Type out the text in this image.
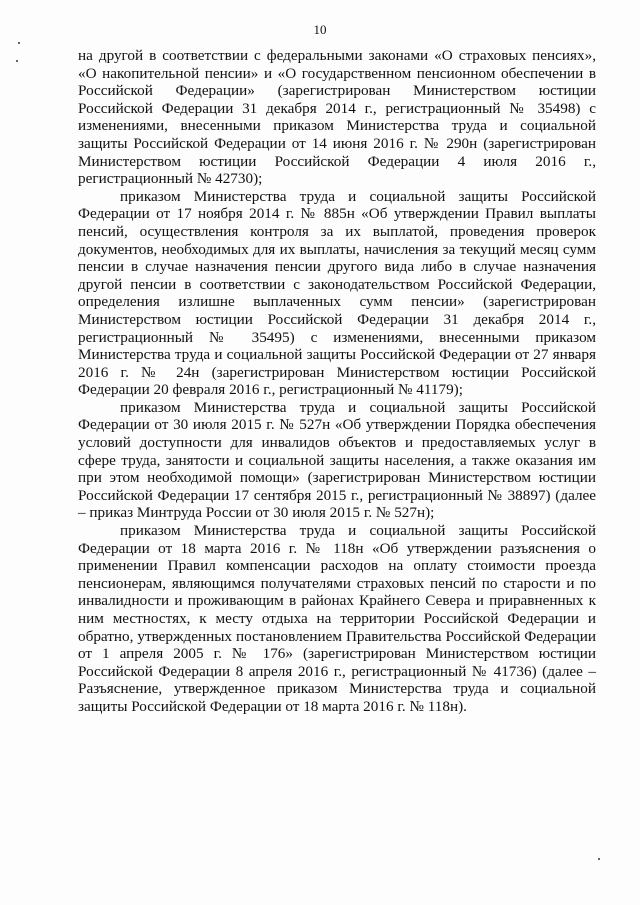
10

на другой в соответствии с федеральными законами «О страховых пенсиях», «О накопительной пенсии» и «О государственном пенсионном обеспечении в Российской Федерации» (зарегистрирован Министерством юстиции Российской Федерации 31 декабря 2014 г., регистрационный № 35498) с изменениями, внесенными приказом Министерства труда и социальной защиты Российской Федерации от 14 июня 2016 г. № 290н (зарегистрирован Министерством юстиции Российской Федерации 4 июля 2016 г., регистрационный № 42730);

приказом Министерства труда и социальной защиты Российской Федерации от 17 ноября 2014 г. № 885н «Об утверждении Правил выплаты пенсий, осуществления контроля за их выплатой, проведения проверок документов, необходимых для их выплаты, начисления за текущий месяц сумм пенсии в случае назначения пенсии другого вида либо в случае назначения другой пенсии в соответствии с законодательством Российской Федерации, определения излишне выплаченных сумм пенсии» (зарегистрирован Министерством юстиции Российской Федерации 31 декабря 2014 г., регистрационный № 35495) с изменениями, внесенными приказом Министерства труда и социальной защиты Российской Федерации от 27 января 2016 г. № 24н (зарегистрирован Министерством юстиции Российской Федерации 20 февраля 2016 г., регистрационный № 41179);

приказом Министерства труда и социальной защиты Российской Федерации от 30 июля 2015 г. № 527н «Об утверждении Порядка обеспечения условий доступности для инвалидов объектов и предоставляемых услуг в сфере труда, занятости и социальной защиты населения, а также оказания им при этом необходимой помощи» (зарегистрирован Министерством юстиции Российской Федерации 17 сентября 2015 г., регистрационный № 38897) (далее – приказ Минтруда России от 30 июля 2015 г. № 527н);

приказом Министерства труда и социальной защиты Российской Федерации от 18 марта 2016 г. № 118н «Об утверждении разъяснения о применении Правил компенсации расходов на оплату стоимости проезда пенсионерам, являющимся получателями страховых пенсий по старости и по инвалидности и проживающим в районах Крайнего Севера и приравненных к ним местностях, к месту отдыха на территории Российской Федерации и обратно, утвержденных постановлением Правительства Российской Федерации от 1 апреля 2005 г. № 176» (зарегистрирован Министерством юстиции Российской Федерации 8 апреля 2016 г., регистрационный № 41736) (далее – Разъяснение, утвержденное приказом Министерства труда и социальной защиты Российской Федерации от 18 марта 2016 г. № 118н).
